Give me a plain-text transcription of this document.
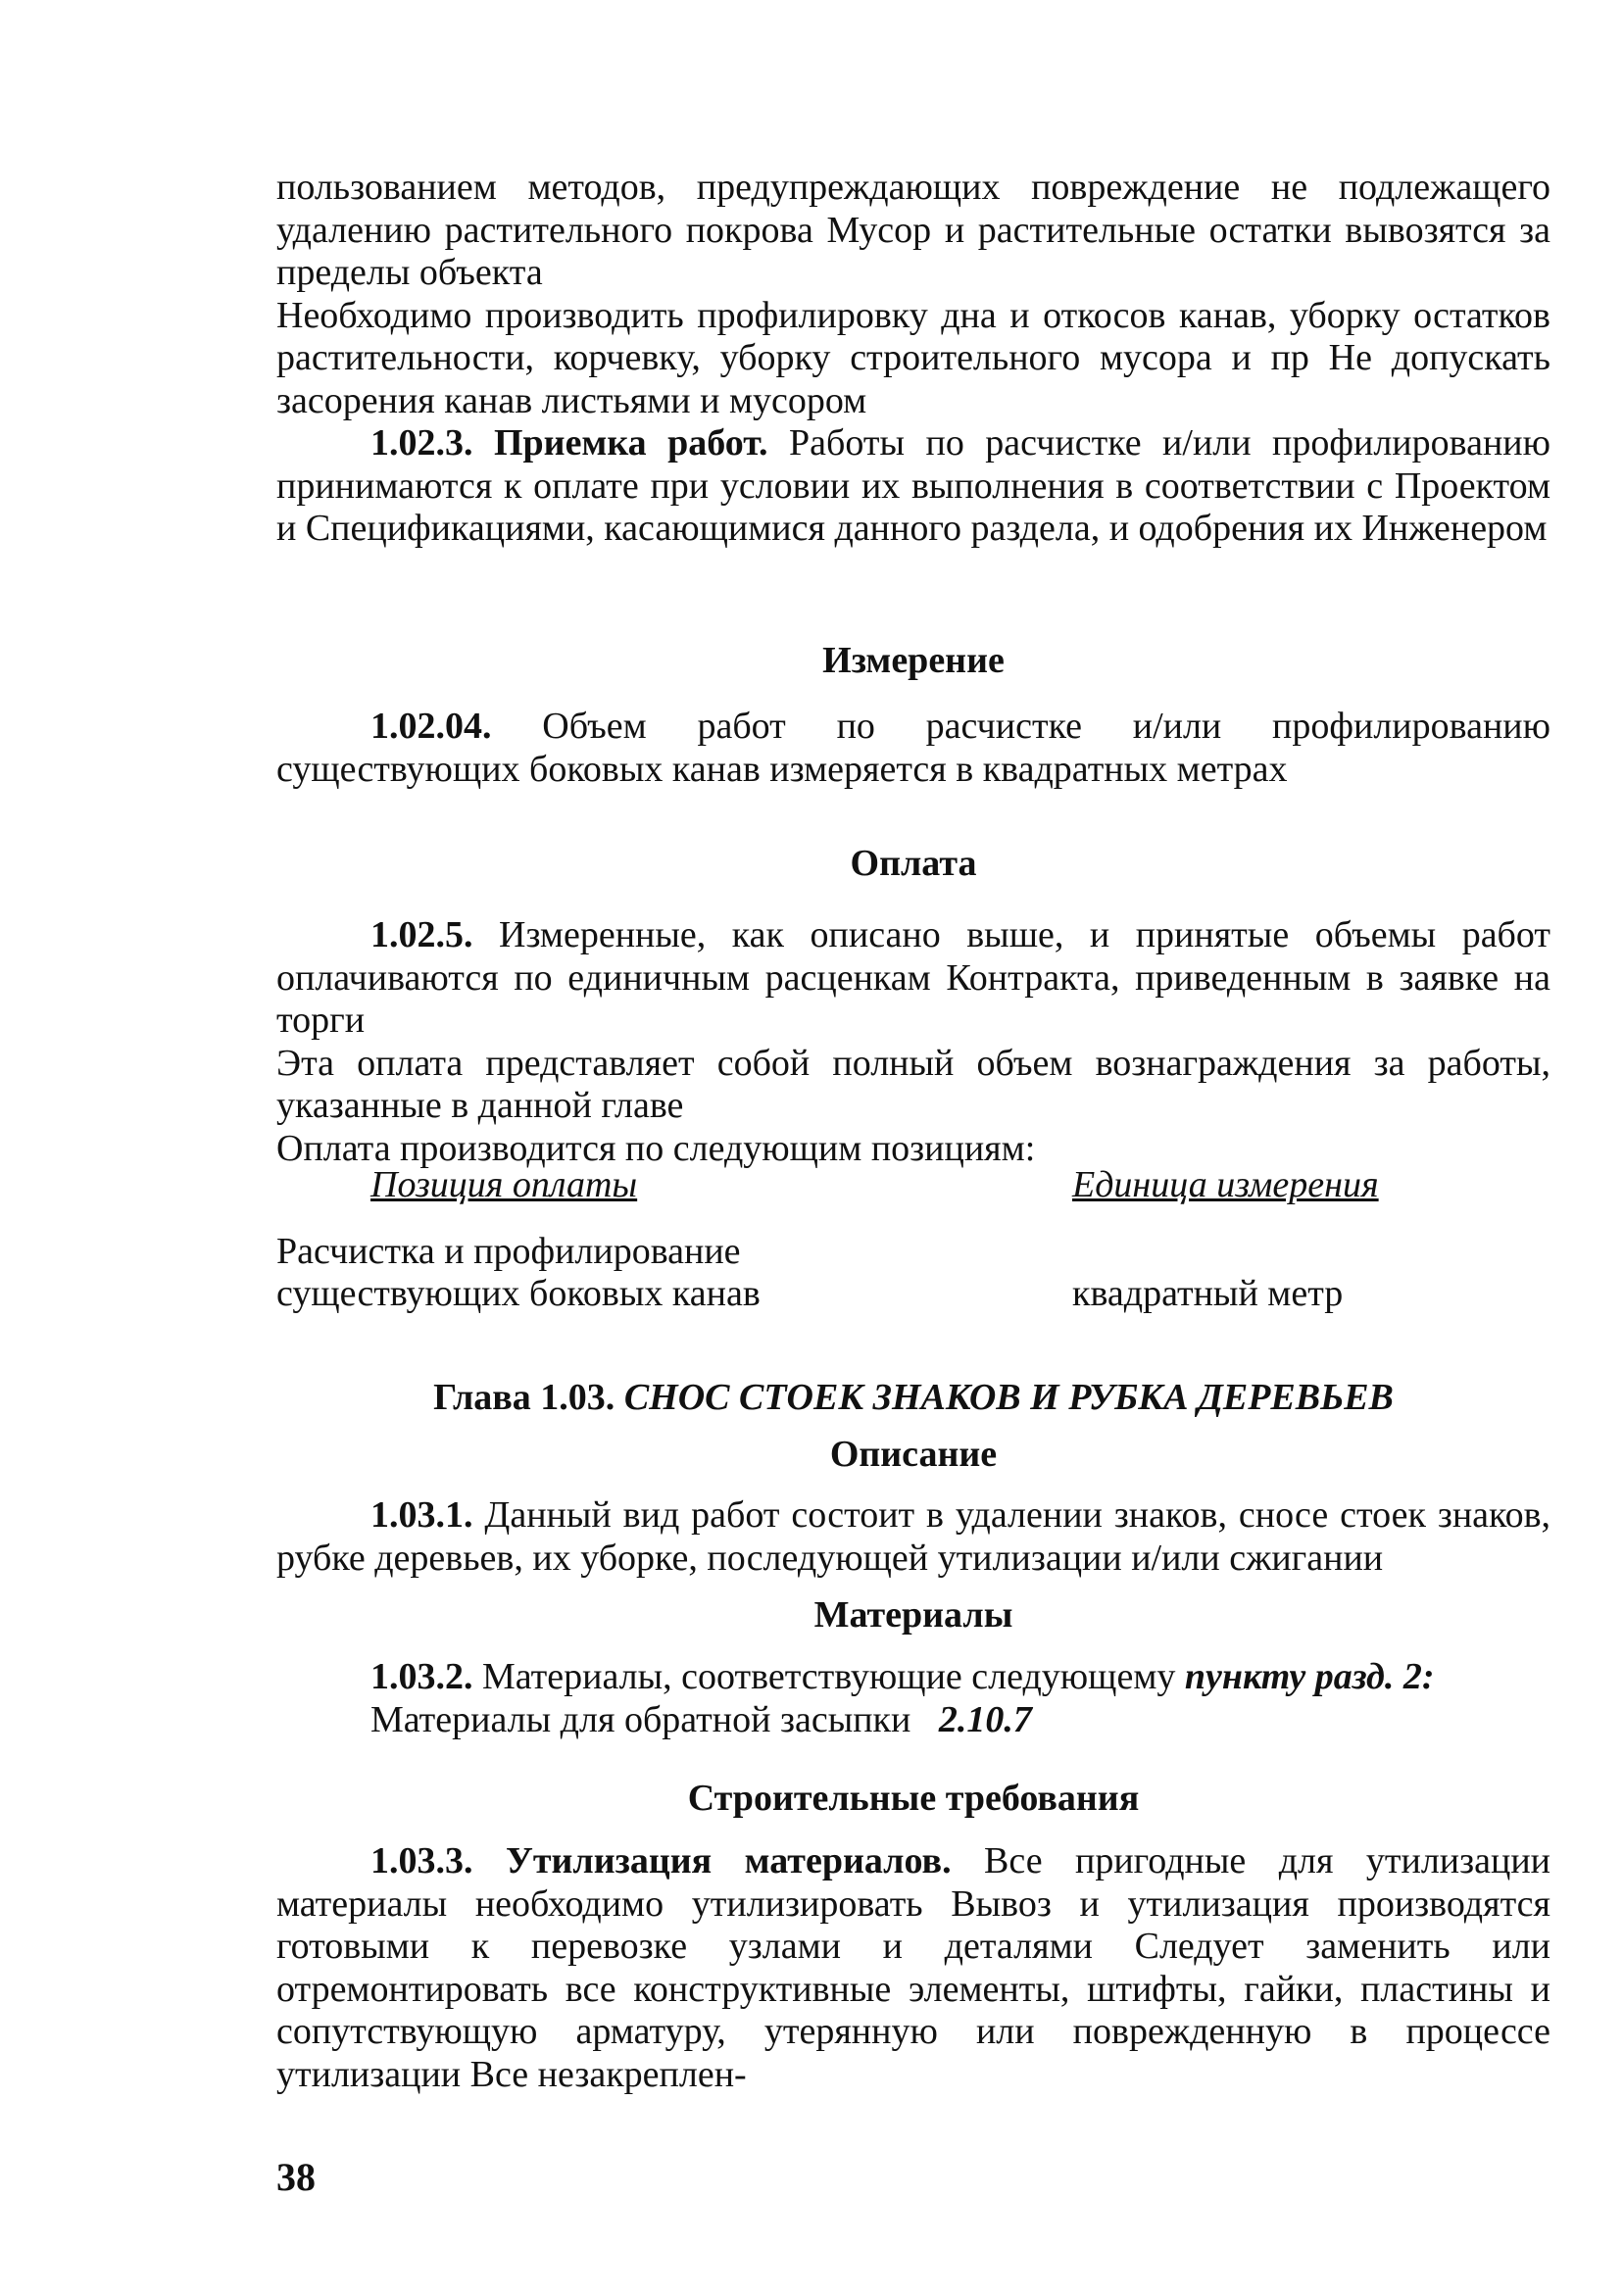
пользованием методов, предупреждающих повреждение не подлежащего удалению растительного покрова Мусор и растительные остатки вывозятся за пределы объекта

Необходимо производить профилировку дна и откосов канав, уборку остатков растительности, корчевку, уборку строительного мусора и пр Не допускать засорения канав листьями и мусором

1.02.3. Приемка работ. Работы по расчистке и/или профилированию принимаются к оплате при условии их выполнения в соответствии с Проектом и Спецификациями, касающимися данного раздела, и одобрения их Инженером

Измерение

1.02.04. Объем работ по расчистке и/или профилированию существующих боковых канав измеряется в квадратных метрах

Оплата

1.02.5. Измеренные, как описано выше, и принятые объемы работ оплачиваются по единичным расценкам Контракта, приведенным в заявке на торги

Эта оплата представляет собой полный объем вознаграждения за работы, указанные в данной главе

Оплата производится по следующим позициям:

Позиция оплаты	Единица измерения
Расчистка и профилирование
существующих боковых канав	квадратный метр

Глава 1.03. СНОС СТОЕК ЗНАКОВ И РУБКА ДЕРЕВЬЕВ

Описание

1.03.1. Данный вид работ состоит в удалении знаков, сносе стоек знаков, рубке деревьев, их уборке, последующей утилизации и/или сжигании

Материалы

1.03.2. Материалы, соответствующие следующему пункту разд. 2:

Материалы для обратной засыпки 2.10.7

Строительные требования

1.03.3. Утилизация материалов. Все пригодные для утилизации материалы необходимо утилизировать Вывоз и утилизация производятся готовыми к перевозке узлами и деталями Следует заменить или отремонтировать все конструктивные элементы, штифты, гайки, пластины и сопутствующую арматуру, утерянную или поврежденную в процессе утилизации Все незакреплен-

38
